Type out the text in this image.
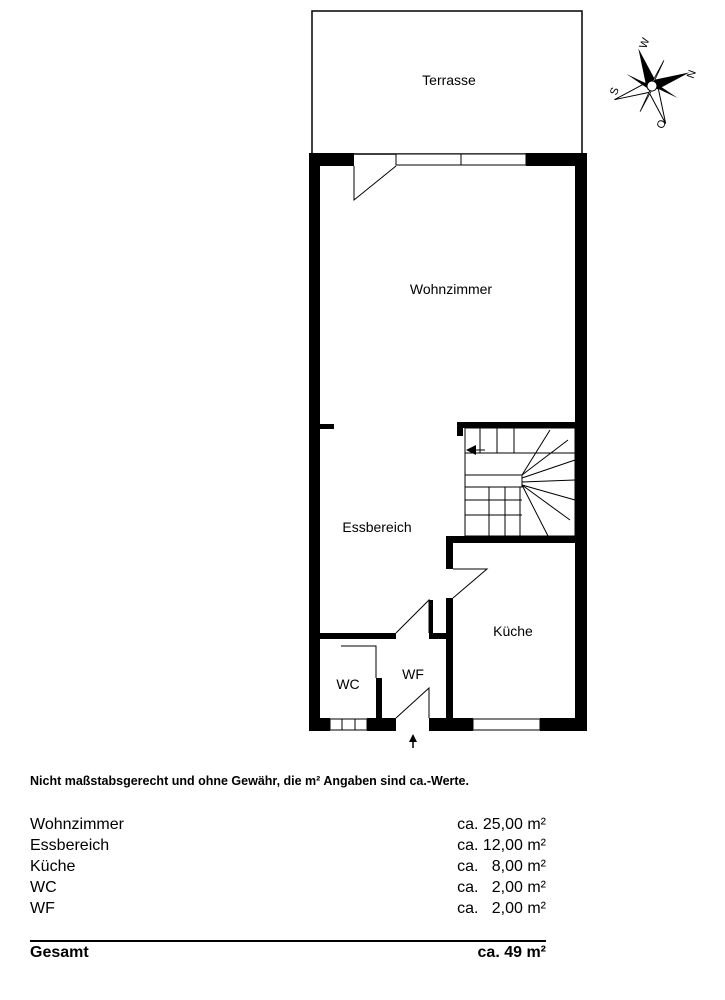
Terrasse
Wohnzimmer
Essbereich
Küche
WC
WF
W
N
S
O
Nicht maßstabsgerecht und ohne Gewähr, die m² Angaben sind ca.-Werte.
Wohnzimmer	ca. 25,00 m²
Essbereich	ca. 12,00 m²
Küche	ca.   8,00 m²
WC	ca.   2,00 m²
WF	ca.   2,00 m²
Gesamt	ca. 49 m²
